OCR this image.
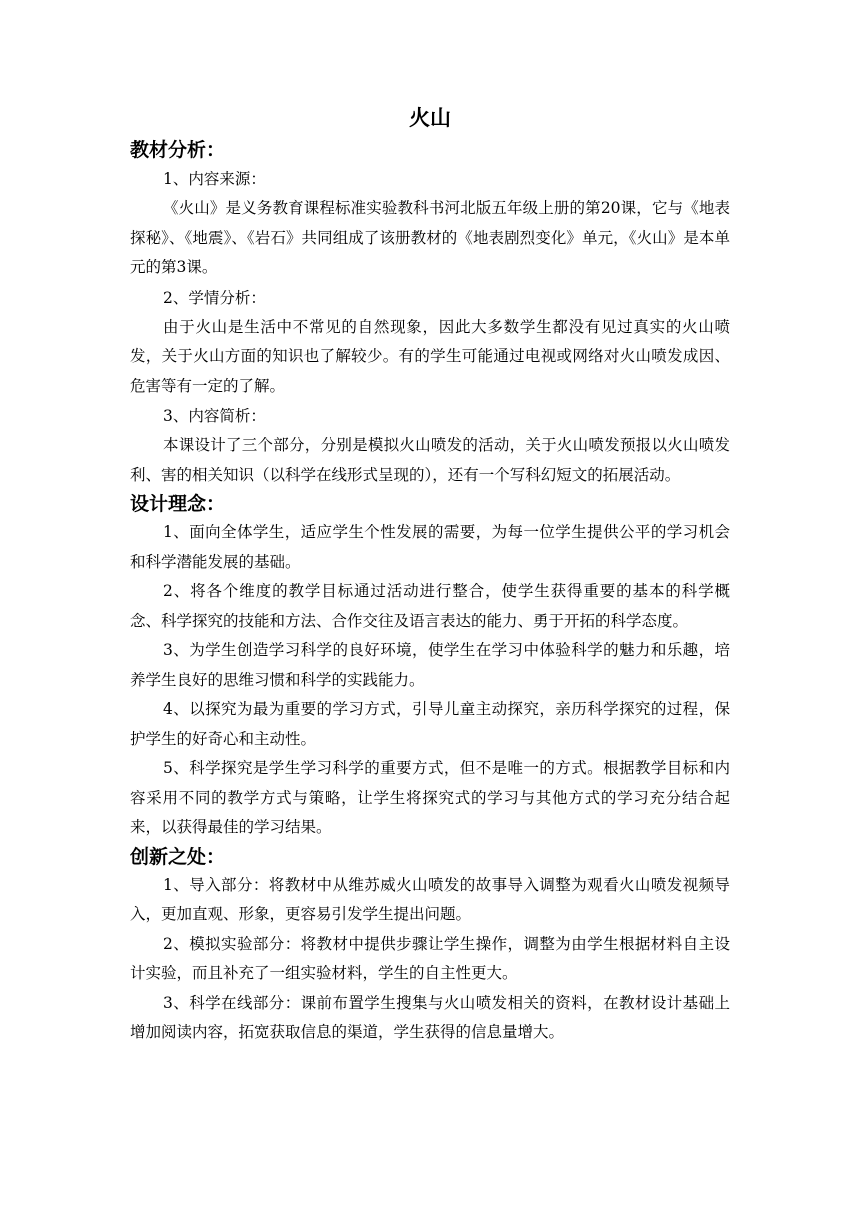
火山
教材分析：

1、内容来源：

《火山》是义务教育课程标准实验教科书河北版五年级上册的第20课，它与《地表探秘》、《地震》、《岩石》共同组成了该册教材的《地表剧烈变化》单元，《火山》是本单元的第3课。

2、学情分析：

由于火山是生活中不常见的自然现象，因此大多数学生都没有见过真实的火山喷发，关于火山方面的知识也了解较少。有的学生可能通过电视或网络对火山喷发成因、危害等有一定的了解。

3、内容简析：

本课设计了三个部分，分别是模拟火山喷发的活动，关于火山喷发预报以火山喷发利、害的相关知识（以科学在线形式呈现的），还有一个写科幻短文的拓展活动。

设计理念：

1、面向全体学生，适应学生个性发展的需要，为每一位学生提供公平的学习机会和科学潜能发展的基础。

2、将各个维度的教学目标通过活动进行整合，使学生获得重要的基本的科学概念、科学探究的技能和方法、合作交往及语言表达的能力、勇于开拓的科学态度。

3、为学生创造学习科学的良好环境，使学生在学习中体验科学的魅力和乐趣，培养学生良好的思维习惯和科学的实践能力。

4、以探究为最为重要的学习方式，引导儿童主动探究，亲历科学探究的过程，保护学生的好奇心和主动性。

5、科学探究是学生学习科学的重要方式，但不是唯一的方式。根据教学目标和内容采用不同的教学方式与策略，让学生将探究式的学习与其他方式的学习充分结合起来，以获得最佳的学习结果。

创新之处：

1、导入部分：将教材中从维苏威火山喷发的故事导入调整为观看火山喷发视频导入，更加直观、形象，更容易引发学生提出问题。

2、模拟实验部分：将教材中提供步骤让学生操作，调整为由学生根据材料自主设计实验，而且补充了一组实验材料，学生的自主性更大。

3、科学在线部分：课前布置学生搜集与火山喷发相关的资料，在教材设计基础上增加阅读内容，拓宽获取信息的渠道，学生获得的信息量增大。
